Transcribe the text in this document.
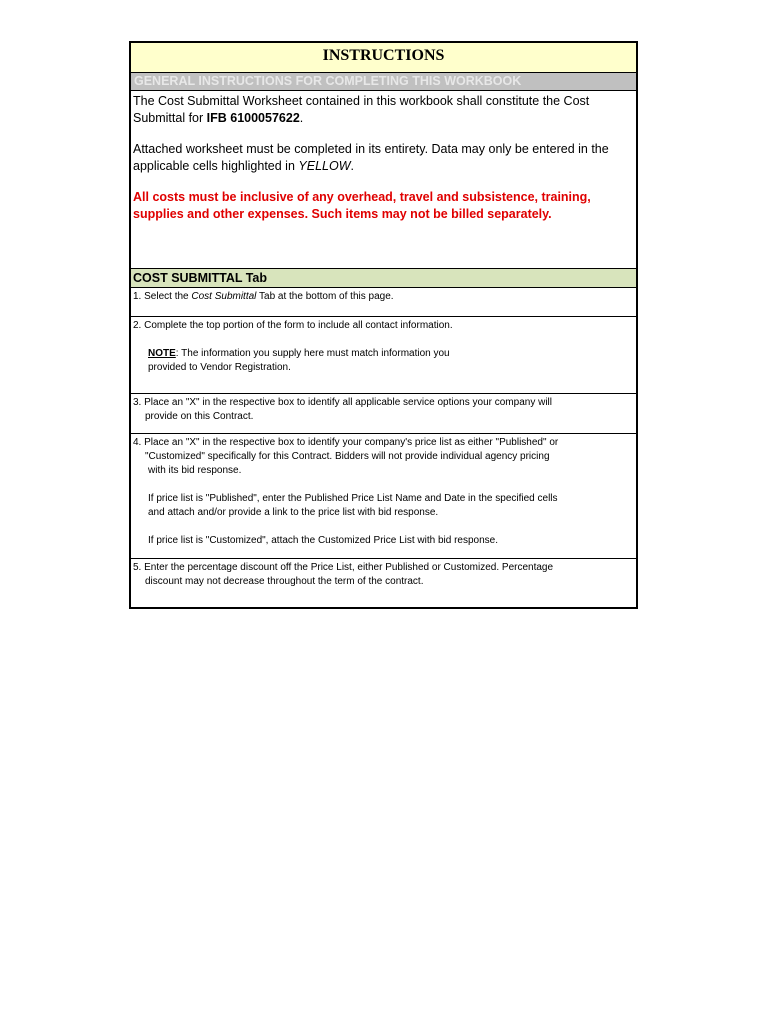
INSTRUCTIONS
GENERAL INSTRUCTIONS FOR COMPLETING THIS WORKBOOK

The Cost Submittal Worksheet contained in this workbook shall constitute the Cost

Submittal for IFB 6100057622.

Attached worksheet must be completed in its entirety. Data may only be entered in the

applicable cells highlighted in YELLOW.

All costs must be inclusive of any overhead, travel and subsistence, training,

supplies and other expenses. Such items may not be billed separately.

COST SUBMITTAL Tab

1. Select the Cost Submittal Tab at the bottom of this page.

2. Complete the top portion of the form to include all contact information.

NOTE: The information you supply here must match information you

provided to Vendor Registration.

3. Place an "X" in the respective box to identify all applicable service options your company will

provide on this Contract.

4. Place an "X" in the respective box to identify your company's price list as either "Published" or

"Customized" specifically for this Contract. Bidders will not provide individual agency pricing

with its bid response.

If price list is "Published", enter the Published Price List Name and Date in the specified cells

and attach and/or provide a link to the price list with bid response.

If price list is "Customized", attach the Customized Price List with bid response.

5. Enter the percentage discount off the Price List, either Published or Customized. Percentage

discount may not decrease throughout the term of the contract.
